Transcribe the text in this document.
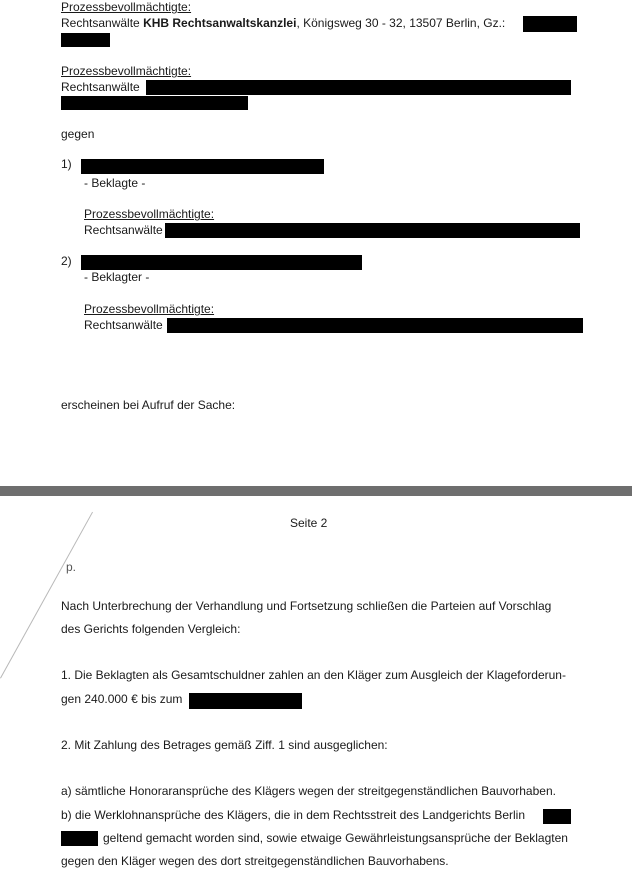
Prozessbevollmächtigte:
Rechtsanwälte KHB Rechtsanwaltskanzlei, Königsweg 30 - 32, 13507 Berlin, Gz.:
Prozessbevollmächtigte:
Rechtsanwälte
gegen
1)
- Beklagte -
Prozessbevollmächtigte:
Rechtsanwälte
2)
- Beklagter -
Prozessbevollmächtigte:
Rechtsanwälte
erscheinen bei Aufruf der Sache:
Seite 2
p.
Nach Unterbrechung der Verhandlung und Fortsetzung schließen die Parteien auf Vorschlag
des Gerichts folgenden Vergleich:
1. Die Beklagten als Gesamtschuldner zahlen an den Kläger zum Ausgleich der Klageforderun-
gen 240.000 € bis zum
2. Mit Zahlung des Betrages gemäß Ziff. 1 sind ausgeglichen:
a) sämtliche Honoraransprüche des Klägers wegen der streitgegenständlichen Bauvorhaben.
b) die Werklohnansprüche des Klägers, die in dem Rechtsstreit des Landgerichts Berlin
geltend gemacht worden sind, sowie etwaige Gewährleistungsansprüche der Beklagten
gegen den Kläger wegen des dort streitgegenständlichen Bauvorhabens.
